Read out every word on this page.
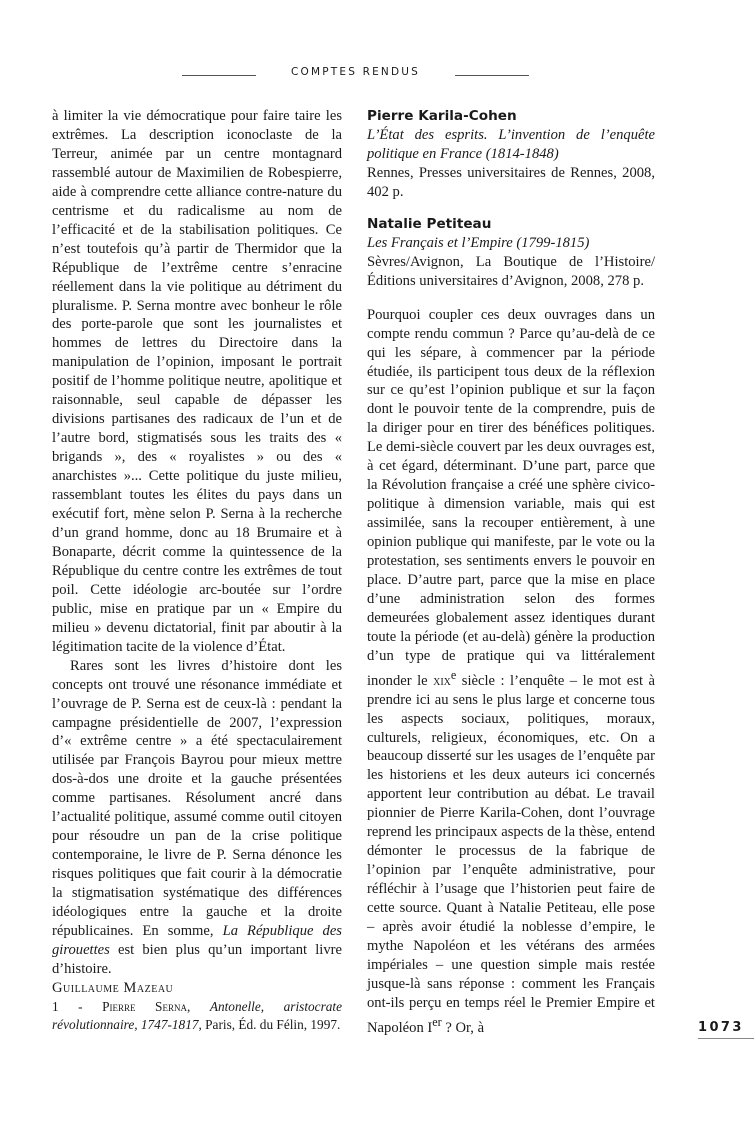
COMPTES RENDUS

à limiter la vie démocratique pour faire taire les extrêmes. La description iconoclaste de la Terreur, animée par un centre montagnard rassemblé autour de Maximilien de Robespierre, aide à comprendre cette alliance contre-nature du centrisme et du radicalisme au nom de l’efficacité et de la stabilisation politiques. Ce n’est toutefois qu’à partir de Thermidor que la République de l’extrême centre s’enracine réellement dans la vie politique au détriment du pluralisme. P. Serna montre avec bonheur le rôle des porte-parole que sont les journalistes et hommes de lettres du Directoire dans la manipulation de l’opinion, imposant le portrait positif de l’homme politique neutre, apolitique et raisonnable, seul capable de dépasser les divisions partisanes des radicaux de l’un et de l’autre bord, stigmatisés sous les traits des « brigands », des « royalistes » ou des « anarchistes »... Cette politique du juste milieu, rassemblant toutes les élites du pays dans un exécutif fort, mène selon P. Serna à la recherche d’un grand homme, donc au 18 Brumaire et à Bonaparte, décrit comme la quintessence de la République du centre contre les extrêmes de tout poil. Cette idéologie arc-boutée sur l’ordre public, mise en pratique par un « Empire du milieu » devenu dictatorial, finit par aboutir à la légitimation tacite de la violence d’État.

Rares sont les livres d’histoire dont les concepts ont trouvé une résonance immédiate et l’ouvrage de P. Serna est de ceux-là : pendant la campagne présidentielle de 2007, l’expression d’« extrême centre » a été spectaculairement utilisée par François Bayrou pour mieux mettre dos-à-dos une droite et la gauche présentées comme partisanes. Résolument ancré dans l’actualité politique, assumé comme outil citoyen pour résoudre un pan de la crise politique contemporaine, le livre de P. Serna dénonce les risques politiques que fait courir à la démocratie la stigmatisation systématique des différences idéologiques entre la gauche et la droite républicaines. En somme, La République des girouettes est bien plus qu’un important livre d’histoire.

Guillaume Mazeau

1 - Pierre Serna, Antonelle, aristocrate révolutionnaire, 1747-1817, Paris, Éd. du Félin, 1997.

Pierre Karila-Cohen

L’État des esprits. L’invention de l’enquête politique en France (1814-1848)

Rennes, Presses universitaires de Rennes, 2008, 402 p.

Natalie Petiteau

Les Français et l’Empire (1799-1815)

Sèvres/Avignon, La Boutique de l’Histoire/Éditions universitaires d’Avignon, 2008, 278 p.

Pourquoi coupler ces deux ouvrages dans un compte rendu commun ? Parce qu’au-delà de ce qui les sépare, à commencer par la période étudiée, ils participent tous deux de la réflexion sur ce qu’est l’opinion publique et sur la façon dont le pouvoir tente de la comprendre, puis de la diriger pour en tirer des bénéfices politiques. Le demi-siècle couvert par les deux ouvrages est, à cet égard, déterminant. D’une part, parce que la Révolution française a créé une sphère civico-politique à dimension variable, mais qui est assimilée, sans la recouper entièrement, à une opinion publique qui manifeste, par le vote ou la protestation, ses sentiments envers le pouvoir en place. D’autre part, parce que la mise en place d’une administration selon des formes demeurées globalement assez identiques durant toute la période (et au-delà) génère la production d’un type de pratique qui va littéralement inonder le xix$^e$ siècle : l’enquête – le mot est à prendre ici au sens le plus large et concerne tous les aspects sociaux, politiques, moraux, culturels, religieux, économiques, etc. On a beaucoup disserté sur les usages de l’enquête par les historiens et les deux auteurs ici concernés apportent leur contribution au débat. Le travail pionnier de Pierre Karila-Cohen, dont l’ouvrage reprend les principaux aspects de la thèse, entend démonter le processus de la fabrique de l’opinion par l’enquête administrative, pour réfléchir à l’usage que l’historien peut faire de cette source. Quant à Natalie Petiteau, elle pose – après avoir étudié la noblesse d’empire, le mythe Napoléon et les vétérans des armées impériales – une question simple mais restée jusque-là sans réponse : comment les Français ont-ils perçu en temps réel le Premier Empire et Napoléon Ier ? Or, à	1073
